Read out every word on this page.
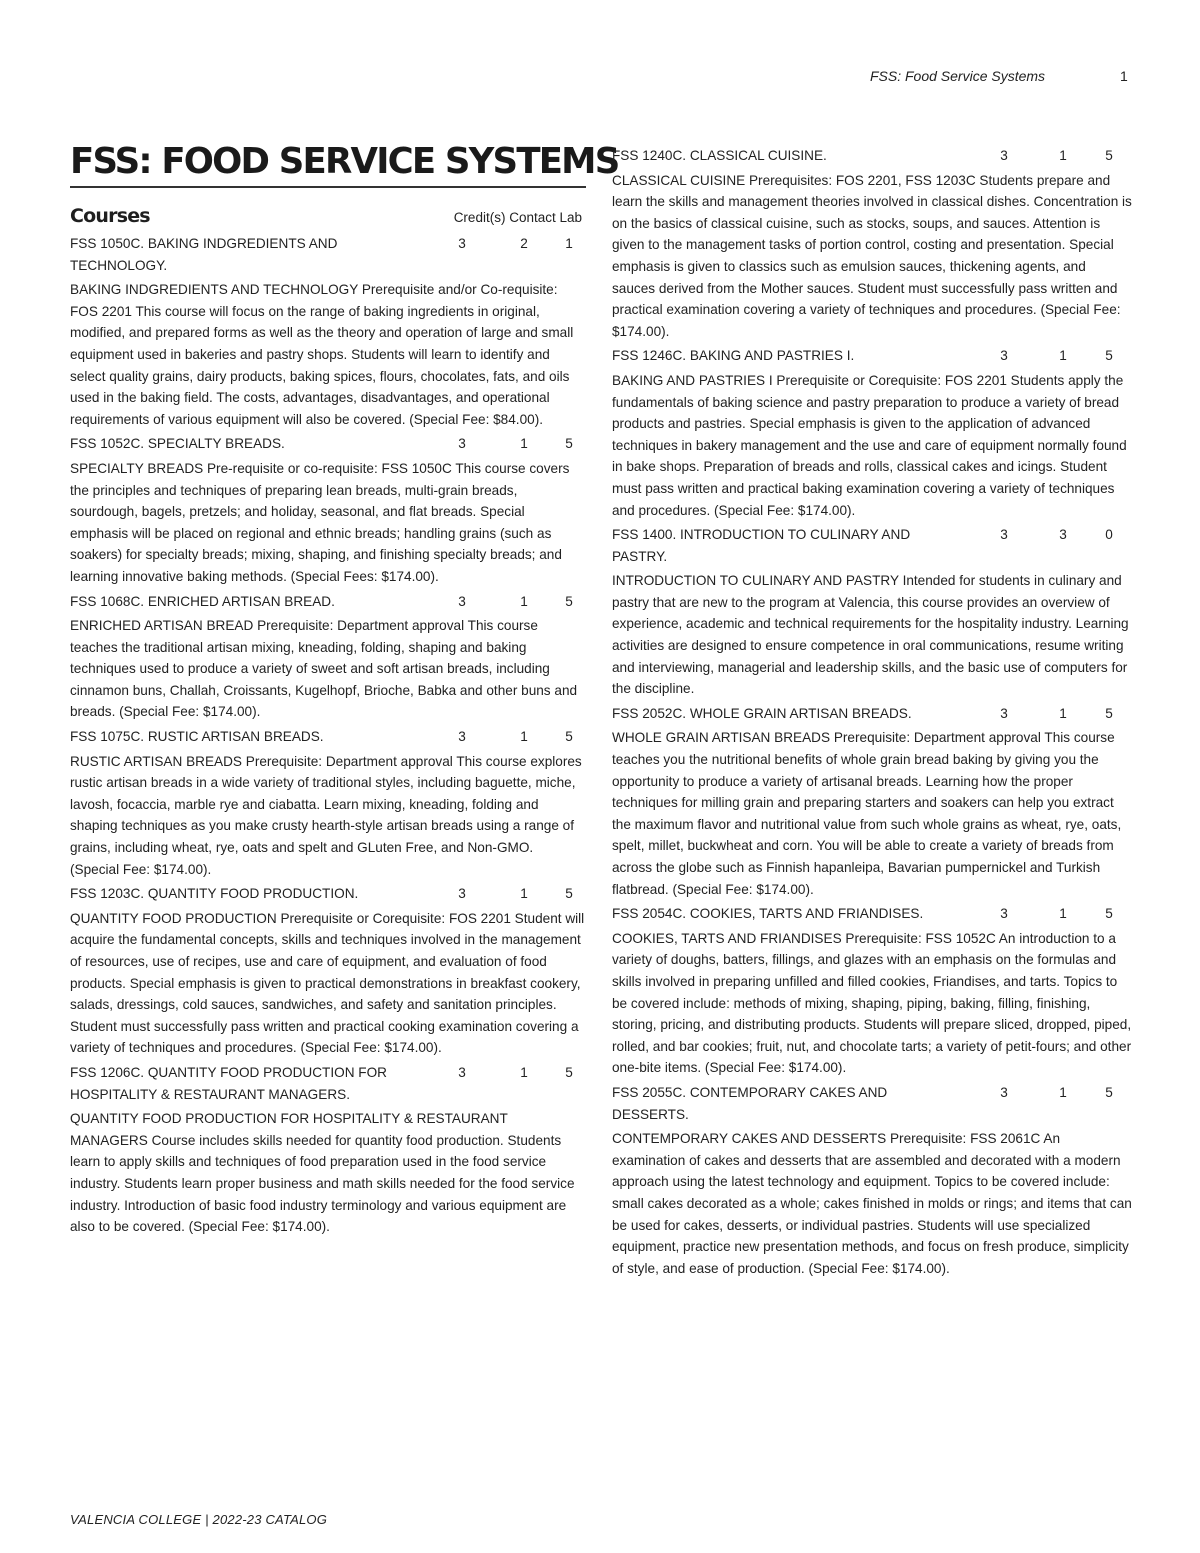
FSS: Food Service Systems	1
FSS: FOOD SERVICE SYSTEMS
Courses	Credit(s) Contact Lab
FSS 1050C. BAKING INDGREDIENTS AND TECHNOLOGY.
3	2	1

BAKING INDGREDIENTS AND TECHNOLOGY Prerequisite and/or Co-requisite: FOS 2201 This course will focus on the range of baking ingredients in original, modified, and prepared forms as well as the theory and operation of large and small equipment used in bakeries and pastry shops. Students will learn to identify and select quality grains, dairy products, baking spices, flours, chocolates, fats, and oils used in the baking field. The costs, advantages, disadvantages, and operational requirements of various equipment will also be covered. (Special Fee: $84.00).

FSS 1052C. SPECIALTY BREADS.	3	1	5

SPECIALTY BREADS Pre-requisite or co-requisite: FSS 1050C This course covers the principles and techniques of preparing lean breads, multi-grain breads, sourdough, bagels, pretzels; and holiday, seasonal, and flat breads. Special emphasis will be placed on regional and ethnic breads; handling grains (such as soakers) for specialty breads; mixing, shaping, and finishing specialty breads; and learning innovative baking methods. (Special Fees: $174.00).

FSS 1068C. ENRICHED ARTISAN BREAD.	3	1	5

ENRICHED ARTISAN BREAD Prerequisite: Department approval This course teaches the traditional artisan mixing, kneading, folding, shaping and baking techniques used to produce a variety of sweet and soft artisan breads, including cinnamon buns, Challah, Croissants, Kugelhopf, Brioche, Babka and other buns and breads. (Special Fee: $174.00).

FSS 1075C. RUSTIC ARTISAN BREADS.	3	1	5

RUSTIC ARTISAN BREADS Prerequisite: Department approval This course explores rustic artisan breads in a wide variety of traditional styles, including baguette, miche, lavosh, focaccia, marble rye and ciabatta. Learn mixing, kneading, folding and shaping techniques as you make crusty hearth-style artisan breads using a range of grains, including wheat, rye, oats and spelt and GLuten Free, and Non-GMO. (Special Fee: $174.00).

FSS 1203C. QUANTITY FOOD PRODUCTION.	3	1	5

QUANTITY FOOD PRODUCTION Prerequisite or Corequisite: FOS 2201 Student will acquire the fundamental concepts, skills and techniques involved in the management of resources, use of recipes, use and care of equipment, and evaluation of food products. Special emphasis is given to practical demonstrations in breakfast cookery, salads, dressings, cold sauces, sandwiches, and safety and sanitation principles. Student must successfully pass written and practical cooking examination covering a variety of techniques and procedures. (Special Fee: $174.00).

FSS 1206C. QUANTITY FOOD PRODUCTION FOR HOSPITALITY & RESTAURANT MANAGERS.
3	1	5

QUANTITY FOOD PRODUCTION FOR HOSPITALITY & RESTAURANT MANAGERS Course includes skills needed for quantity food production. Students learn to apply skills and techniques of food preparation used in the food service industry. Students learn proper business and math skills needed for the food service industry. Introduction of basic food industry terminology and various equipment are also to be covered. (Special Fee: $174.00).

FSS 1240C. CLASSICAL CUISINE.	3	1	5

CLASSICAL CUISINE Prerequisites: FOS 2201, FSS 1203C Students prepare and learn the skills and management theories involved in classical dishes. Concentration is on the basics of classical cuisine, such as stocks, soups, and sauces. Attention is given to the management tasks of portion control, costing and presentation. Special emphasis is given to classics such as emulsion sauces, thickening agents, and sauces derived from the Mother sauces. Student must successfully pass written and practical examination covering a variety of techniques and procedures. (Special Fee: $174.00).

FSS 1246C. BAKING AND PASTRIES I.	3	1	5

BAKING AND PASTRIES I Prerequisite or Corequisite: FOS 2201 Students apply the fundamentals of baking science and pastry preparation to produce a variety of bread products and pastries. Special emphasis is given to the application of advanced techniques in bakery management and the use and care of equipment normally found in bake shops. Preparation of breads and rolls, classical cakes and icings. Student must pass written and practical baking examination covering a variety of techniques and procedures. (Special Fee: $174.00).

FSS 1400. INTRODUCTION TO CULINARY AND PASTRY.
3	3	0

INTRODUCTION TO CULINARY AND PASTRY Intended for students in culinary and pastry that are new to the program at Valencia, this course provides an overview of experience, academic and technical requirements for the hospitality industry. Learning activities are designed to ensure competence in oral communications, resume writing and interviewing, managerial and leadership skills, and the basic use of computers for the discipline.

FSS 2052C. WHOLE GRAIN ARTISAN BREADS.	3	1	5

WHOLE GRAIN ARTISAN BREADS Prerequisite: Department approval This course teaches you the nutritional benefits of whole grain bread baking by giving you the opportunity to produce a variety of artisanal breads. Learning how the proper techniques for milling grain and preparing starters and soakers can help you extract the maximum flavor and nutritional value from such whole grains as wheat, rye, oats, spelt, millet, buckwheat and corn. You will be able to create a variety of breads from across the globe such as Finnish hapanleipa, Bavarian pumpernickel and Turkish flatbread. (Special Fee: $174.00).

FSS 2054C. COOKIES, TARTS AND FRIANDISES.	3	1	5

COOKIES, TARTS AND FRIANDISES Prerequisite: FSS 1052C An introduction to a variety of doughs, batters, fillings, and glazes with an emphasis on the formulas and skills involved in preparing unfilled and filled cookies, Friandises, and tarts. Topics to be covered include: methods of mixing, shaping, piping, baking, filling, finishing, storing, pricing, and distributing products. Students will prepare sliced, dropped, piped, rolled, and bar cookies; fruit, nut, and chocolate tarts; a variety of petit-fours; and other one-bite items. (Special Fee: $174.00).

FSS 2055C. CONTEMPORARY CAKES AND DESSERTS.
3	1	5

CONTEMPORARY CAKES AND DESSERTS Prerequisite: FSS 2061C An examination of cakes and desserts that are assembled and decorated with a modern approach using the latest technology and equipment. Topics to be covered include: small cakes decorated as a whole; cakes finished in molds or rings; and items that can be used for cakes, desserts, or individual pastries. Students will use specialized equipment, practice new presentation methods, and focus on fresh produce, simplicity of style, and ease of production. (Special Fee: $174.00).

VALENCIA COLLEGE | 2022-23 CATALOG
